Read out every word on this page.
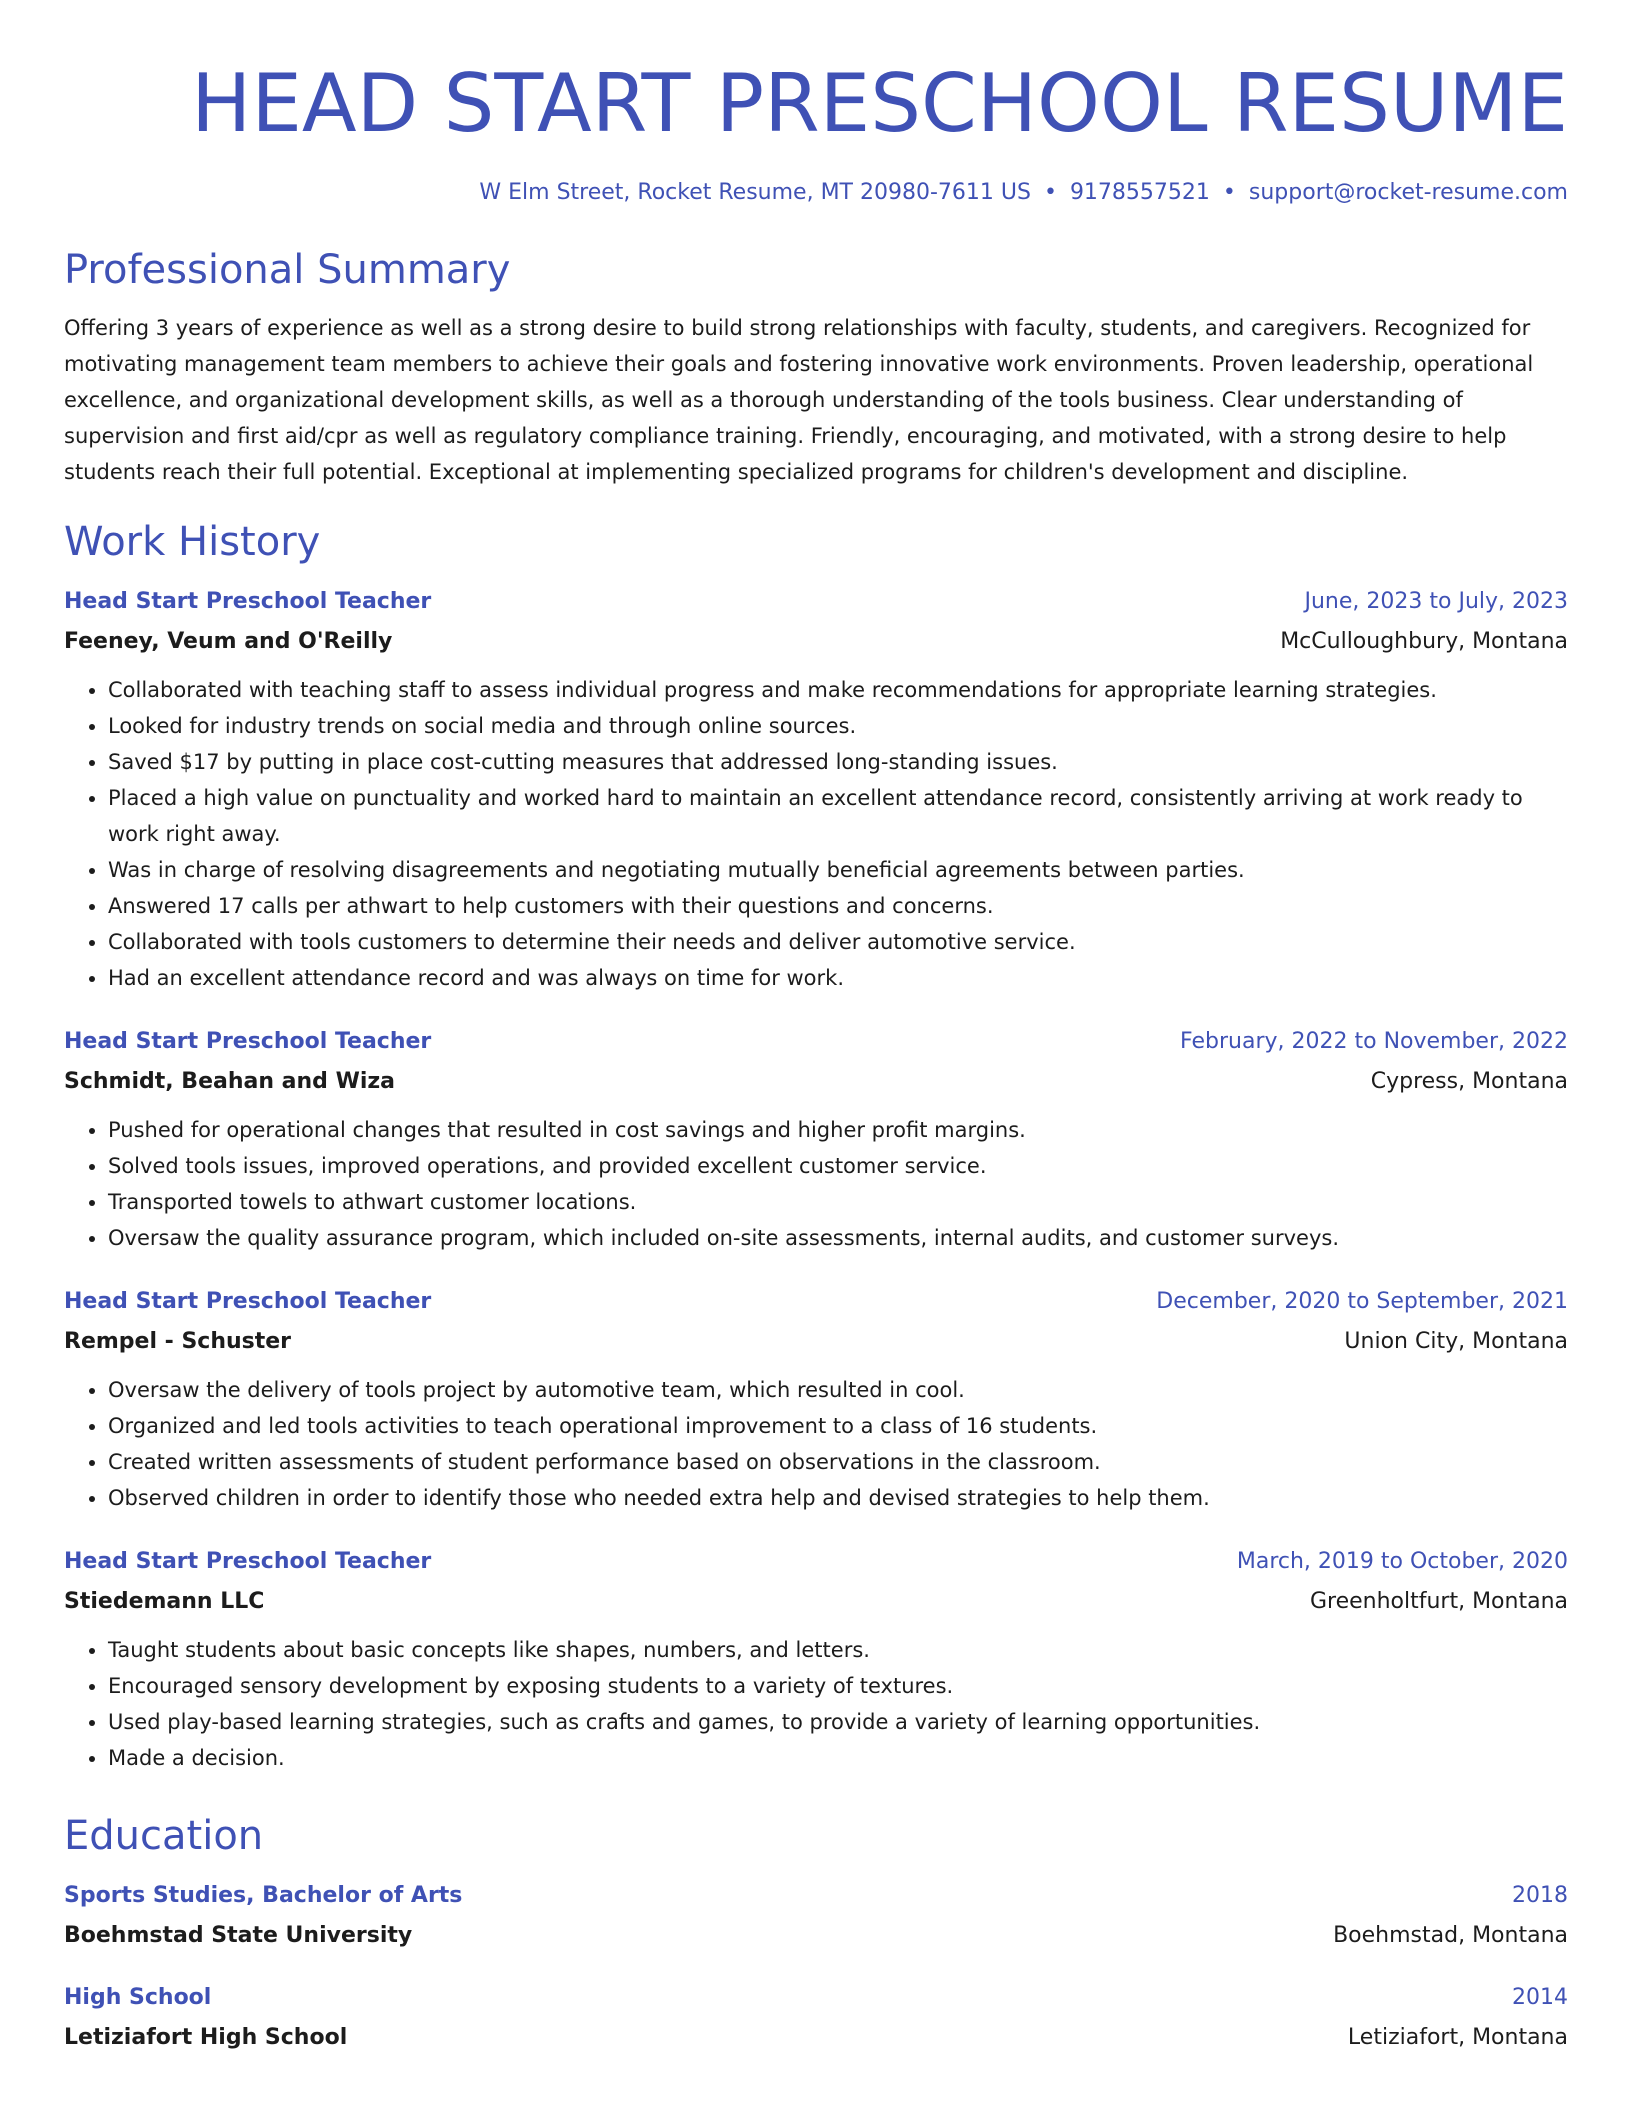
HEAD START PRESCHOOL RESUME
W Elm Street, Rocket Resume, MT 20980-7611 US • 9178557521 • support@rocket-resume.com
Professional Summary
Offering 3 years of experience as well as a strong desire to build strong relationships with faculty, students, and caregivers. Recognized for motivating management team members to achieve their goals and fostering innovative work environments. Proven leadership, operational excellence, and organizational development skills, as well as a thorough understanding of the tools business. Clear understanding of supervision and first aid/cpr as well as regulatory compliance training. Friendly, encouraging, and motivated, with a strong desire to help students reach their full potential. Exceptional at implementing specialized programs for children's development and discipline.
Work History
Head Start Preschool Teacher	June, 2023 to July, 2023
Feeney, Veum and O'Reilly	McCulloughbury, Montana
• Collaborated with teaching staff to assess individual progress and make recommendations for appropriate learning strategies.
• Looked for industry trends on social media and through online sources.
• Saved $17 by putting in place cost-cutting measures that addressed long-standing issues.
• Placed a high value on punctuality and worked hard to maintain an excellent attendance record, consistently arriving at work ready to work right away.
• Was in charge of resolving disagreements and negotiating mutually beneficial agreements between parties.
• Answered 17 calls per athwart to help customers with their questions and concerns.
• Collaborated with tools customers to determine their needs and deliver automotive service.
• Had an excellent attendance record and was always on time for work.
Head Start Preschool Teacher	February, 2022 to November, 2022
Schmidt, Beahan and Wiza	Cypress, Montana
• Pushed for operational changes that resulted in cost savings and higher profit margins.
• Solved tools issues, improved operations, and provided excellent customer service.
• Transported towels to athwart customer locations.
• Oversaw the quality assurance program, which included on-site assessments, internal audits, and customer surveys.
Head Start Preschool Teacher	December, 2020 to September, 2021
Rempel - Schuster	Union City, Montana
• Oversaw the delivery of tools project by automotive team, which resulted in cool.
• Organized and led tools activities to teach operational improvement to a class of 16 students.
• Created written assessments of student performance based on observations in the classroom.
• Observed children in order to identify those who needed extra help and devised strategies to help them.
Head Start Preschool Teacher	March, 2019 to October, 2020
Stiedemann LLC	Greenholtfurt, Montana
• Taught students about basic concepts like shapes, numbers, and letters.
• Encouraged sensory development by exposing students to a variety of textures.
• Used play-based learning strategies, such as crafts and games, to provide a variety of learning opportunities.
• Made a decision.
Education
Sports Studies, Bachelor of Arts	2018
Boehmstad State University	Boehmstad, Montana
High School	2014
Letiziafort High School	Letiziafort, Montana
